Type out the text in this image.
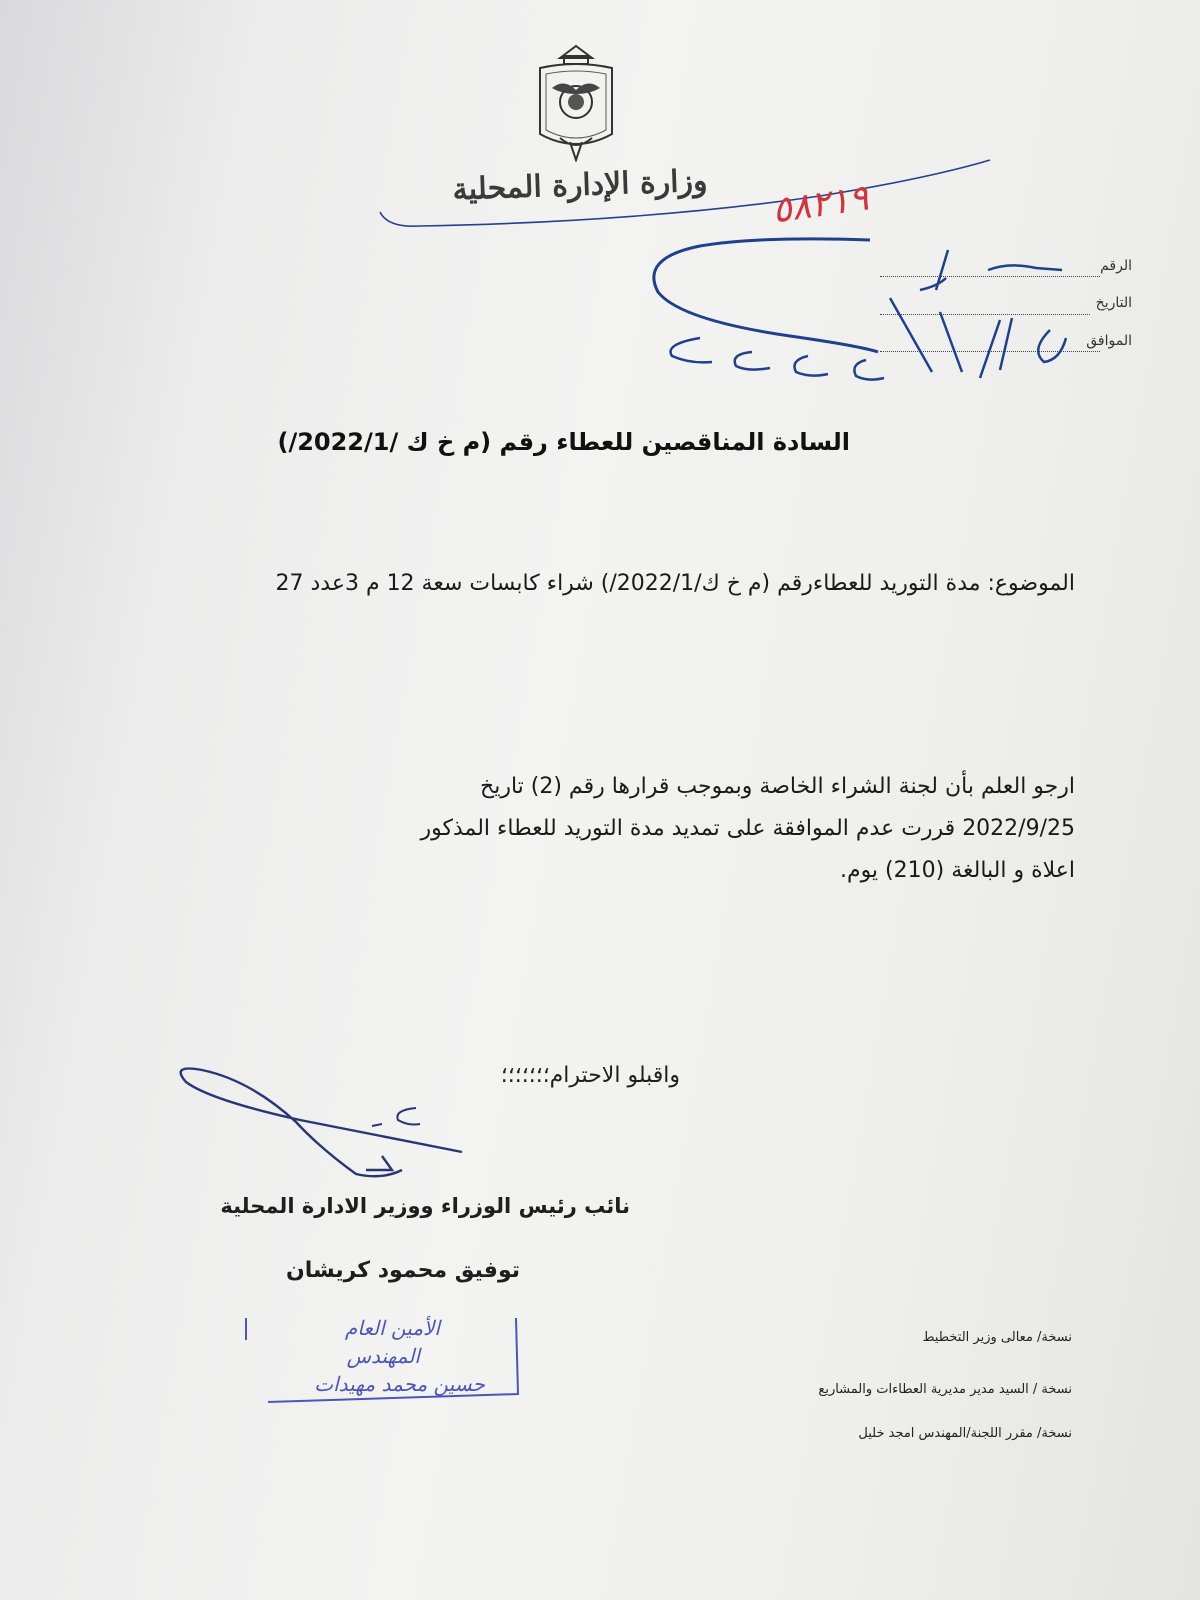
وزارة الإدارة المحلية
الرقم
التاريخ
الموافق
٥٨٢١٩
السادة المناقصين للعطاء رقم (م خ ك /2022/1/)
الموضوع: مدة التوريد للعطاءرقم (م خ ك/2022/1/) شراء كابسات سعة 12 م 3عدد 27

ارجو العلم بأن لجنة الشراء الخاصة وبموجب قرارها رقم (2) تاريخ

2022/9/25 قررت عدم الموافقة على تمديد مدة التوريد للعطاء المذكور

اعلاة و البالغة (210) يوم.

واقبلو الاحترام؛؛؛؛؛؛؛
نائب رئيس الوزراء ووزير الادارة المحلية
توفيق محمود كريشان
الأمين العام
المهندس
حسين محمد مهيدات
نسخة/ معالى وزير التخطيط
نسخة / السيد مدير مديرية العطاءات والمشاريع
نسخة/ مقرر اللجنة/المهندس امجد خليل
